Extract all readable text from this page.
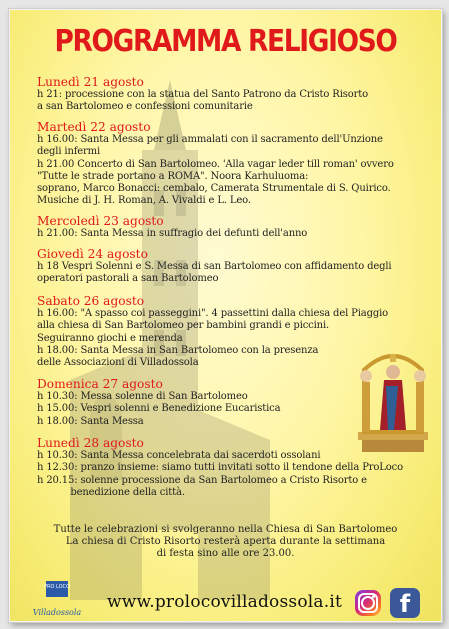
PROGRAMMA RELIGIOSO
Lunedì 21 agosto
h 21: processione con la statua del Santo Patrono da Cristo Risorto
a san Bartolomeo e confessioni comunitarie
Martedì 22 agosto
h 16.00: Santa Messa per gli ammalati con il sacramento dell'Unzione
degli infermi
h 21.00 Concerto di San Bartolomeo. 'Alla vagar leder till roman' ovvero
"Tutte le strade portano a ROMA". Noora Karhuluoma:
soprano, Marco Bonacci: cembalo, Camerata Strumentale di S. Quirico.
Musiche di J. H. Roman, A. Vivaldi e L. Leo.
Mercoledì 23 agosto
h 21.00: Santa Messa in suffragio dei defunti dell'anno
Giovedì 24 agosto
h 18 Vespri Solenni e S. Messa di san Bartolomeo con affidamento degli
operatori pastorali a san Bartolomeo
Sabato 26 agosto
h 16.00: "A spasso coi passeggini". 4 passettini dalla chiesa del Piaggio
alla chiesa di San Bartolomeo per bambini grandi e piccini.
Seguiranno giochi e merenda
h 18.00: Santa Messa in San Bartolomeo con la presenza
delle Associazioni di Villadossola
Domenica 27 agosto
h 10.30: Messa solenne di San Bartolomeo
h 15.00: Vespri solenni e Benedizione Eucaristica
h 18.00: Santa Messa
Lunedì 28 agosto
h 10.30: Santa Messa concelebrata dai sacerdoti ossolani
h 12.30: pranzo insieme: siamo tutti invitati sotto il tendone della ProLoco
h 20.15: solenne processione da San Bartolomeo a Cristo Risorto e
benedizione della città.
Tutte le celebrazioni si svolgeranno nella Chiesa di San Bartolomeo
La chiesa di Cristo Risorto resterà aperta durante la settimana
di festa sino alle ore 23.00.
PRO LOCO
Villadossola
www.prolocovilladossola.it	f
